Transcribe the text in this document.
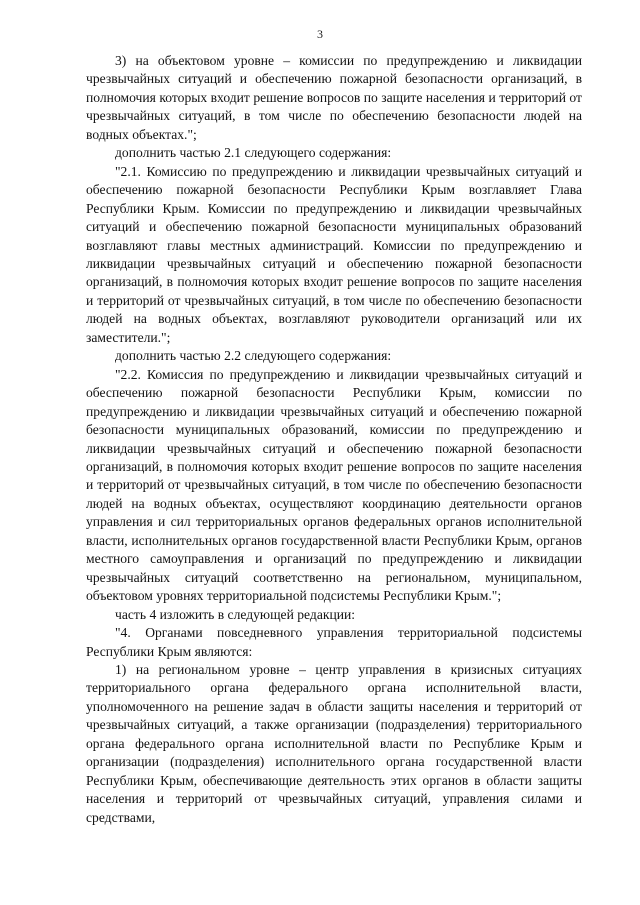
3

3) на объектовом уровне – комиссии по предупреждению и ликвидации чрезвычайных ситуаций и обеспечению пожарной безопасности организаций, в полномочия которых входит решение вопросов по защите населения и территорий от чрезвычайных ситуаций, в том числе по обеспечению безопасности людей на водных объектах.";

дополнить частью 2.1 следующего содержания:

"2.1. Комиссию по предупреждению и ликвидации чрезвычайных ситуаций и обеспечению пожарной безопасности Республики Крым возглавляет Глава Республики Крым. Комиссии по предупреждению и ликвидации чрезвычайных ситуаций и обеспечению пожарной безопасности муниципальных образований возглавляют главы местных администраций. Комиссии по предупреждению и ликвидации чрезвычайных ситуаций и обеспечению пожарной безопасности организаций, в полномочия которых входит решение вопросов по защите населения и территорий от чрезвычайных ситуаций, в том числе по обеспечению безопасности людей на водных объектах, возглавляют руководители организаций или их заместители.";

дополнить частью 2.2 следующего содержания:

"2.2. Комиссия по предупреждению и ликвидации чрезвычайных ситуаций и обеспечению пожарной безопасности Республики Крым, комиссии по предупреждению и ликвидации чрезвычайных ситуаций и обеспечению пожарной безопасности муниципальных образований, комиссии по предупреждению и ликвидации чрезвычайных ситуаций и обеспечению пожарной безопасности организаций, в полномочия которых входит решение вопросов по защите населения и территорий от чрезвычайных ситуаций, в том числе по обеспечению безопасности людей на водных объектах, осуществляют координацию деятельности органов управления и сил территориальных органов федеральных органов исполнительной власти, исполнительных органов государственной власти Республики Крым, органов местного самоуправления и организаций по предупреждению и ликвидации чрезвычайных ситуаций соответственно на региональном, муниципальном, объектовом уровнях территориальной подсистемы Республики Крым.";

часть 4 изложить в следующей редакции:

"4. Органами повседневного управления территориальной подсистемы Республики Крым являются:

1) на региональном уровне – центр управления в кризисных ситуациях территориального органа федерального органа исполнительной власти, уполномоченного на решение задач в области защиты населения и территорий от чрезвычайных ситуаций, а также организации (подразделения) территориального органа федерального органа исполнительной власти по Республике Крым и организации (подразделения) исполнительного органа государственной власти Республики Крым, обеспечивающие деятельность этих органов в области защиты населения и территорий от чрезвычайных ситуаций, управления силами и средствами,
